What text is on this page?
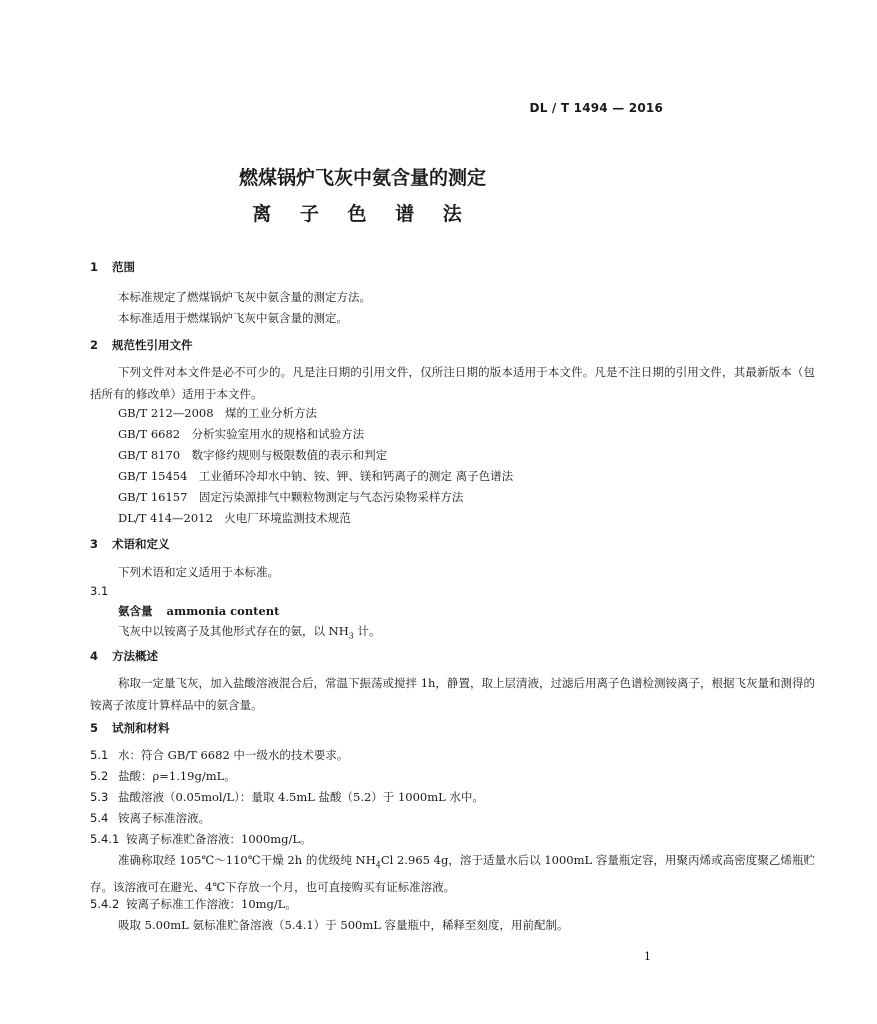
DL / T 1494 — 2016
燃煤锅炉飞灰中氨含量的测定
离 子 色 谱 法
1 范围
本标准规定了燃煤锅炉飞灰中氨含量的测定方法。
本标准适用于燃煤锅炉飞灰中氨含量的测定。
2 规范性引用文件
下列文件对本文件是必不可少的。凡是注日期的引用文件，仅所注日期的版本适用于本文件。凡是不注日期的引用文件，其最新版本（包括所有的修改单）适用于本文件。
GB/T 212—2008　煤的工业分析方法
GB/T 6682　分析实验室用水的规格和试验方法
GB/T 8170　数字修约规则与极限数值的表示和判定
GB/T 15454　工业循环冷却水中钠、铵、钾、镁和钙离子的测定 离子色谱法
GB/T 16157　固定污染源排气中颗粒物测定与气态污染物采样方法
DL/T 414—2012　火电厂环境监测技术规范
3 术语和定义
下列术语和定义适用于本标准。
3.1
氨含量 ammonia content
飞灰中以铵离子及其他形式存在的氨，以 $NH_3$ 计。
4 方法概述
称取一定量飞灰，加入盐酸溶液混合后，常温下振荡或搅拌 1h，静置，取上层清液，过滤后用离子色谱检测铵离子，根据飞灰量和测得的铵离子浓度计算样品中的氨含量。
5 试剂和材料
5.1 水：符合 GB/T 6682 中一级水的技术要求。
5.2 盐酸：ρ=1.19g/mL。
5.3 盐酸溶液（0.05mol/L）：量取 4.5mL 盐酸（5.2）于 1000mL 水中。
5.4 铵离子标准溶液。
5.4.1 铵离子标准贮备溶液：1000mg/L。
准确称取经 105℃～110℃干燥 2h 的优级纯 $NH_4Cl$ 2.965 4g，溶于适量水后以 1000mL 容量瓶定容，用聚丙烯或高密度聚乙烯瓶贮存。该溶液可在避光、4℃下存放一个月，也可直接购买有证标准溶液。
5.4.2 铵离子标准工作溶液：10mg/L。
吸取 5.00mL 氨标准贮备溶液（5.4.1）于 500mL 容量瓶中，稀释至刻度，用前配制。
1
